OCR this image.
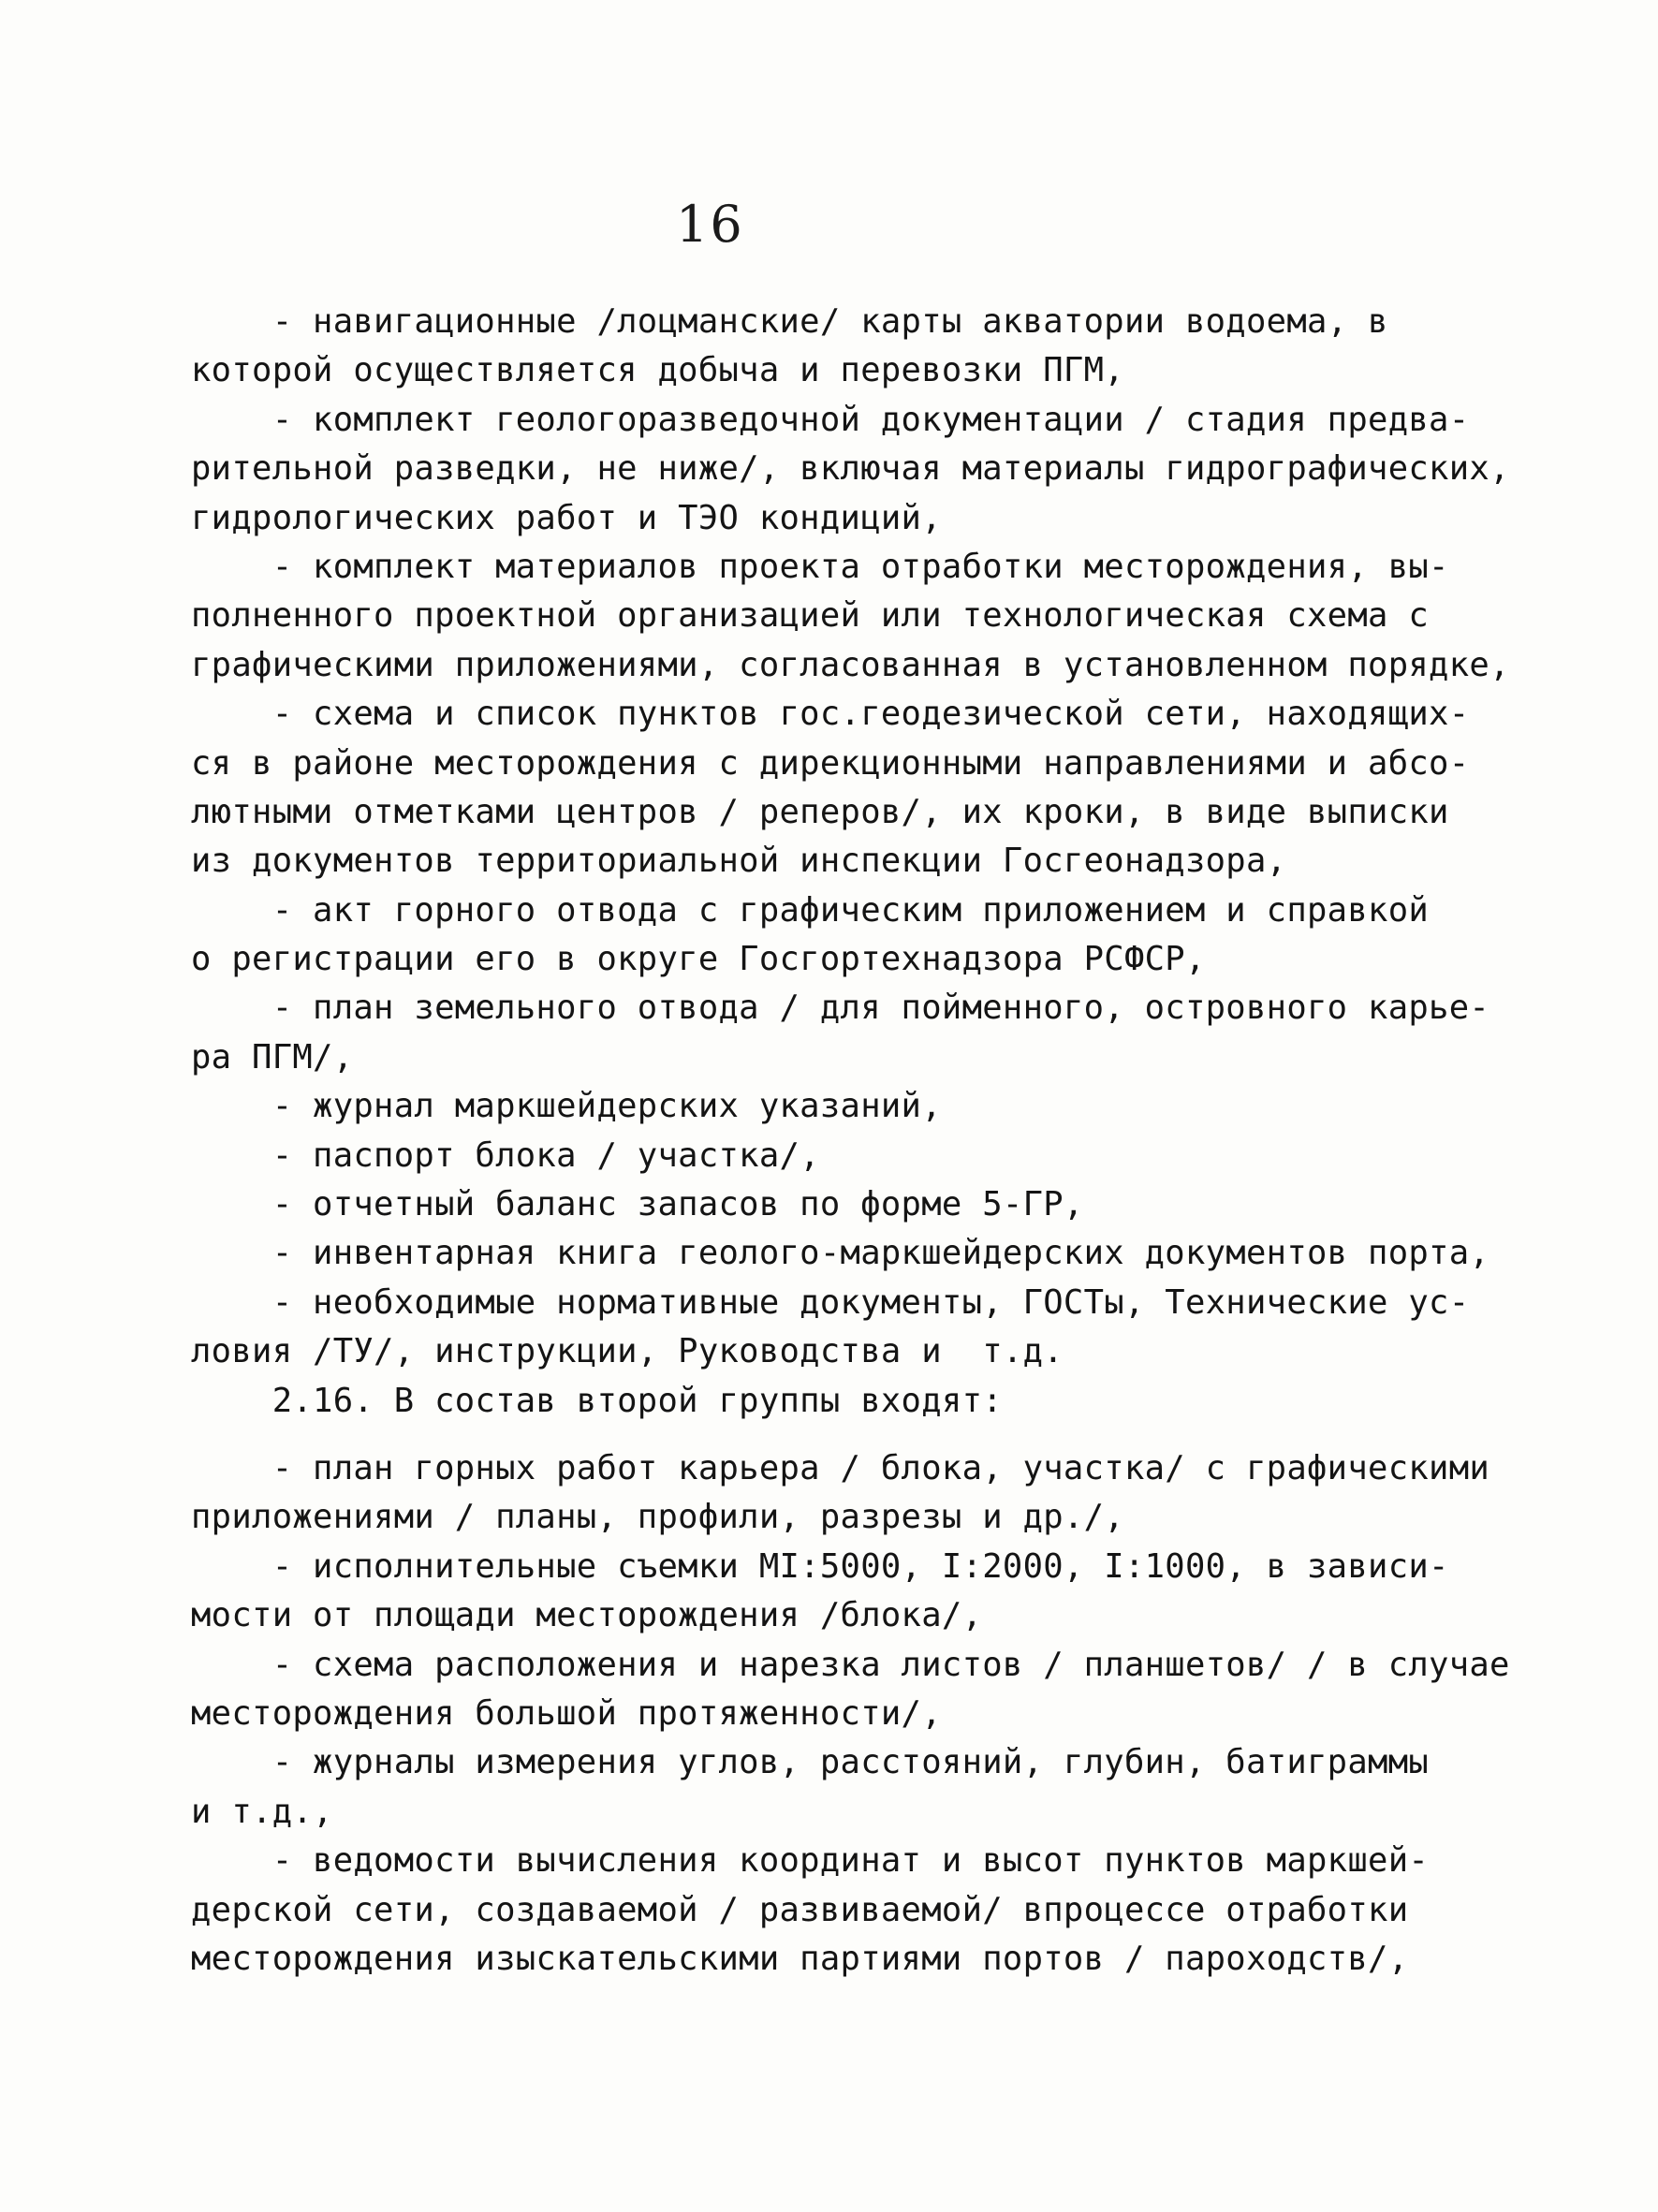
16
- навигационные /лоцманские/ карты акватории водоема, в
которой осуществляется добыча и перевозки ПГМ,
- комплект геологоразведочной документации / стадия предва-
рительной разведки, не ниже/, включая материалы гидрографических,
гидрологических работ и ТЭО кондиций,
- комплект материалов проекта отработки месторождения, вы-
полненного проектной организацией или технологическая схема с
графическими приложениями, согласованная в установленном порядке,
- схема и список пунктов гос.геодезической сети, находящих-
ся в районе месторождения с дирекционными направлениями и абсо-
лютными отметками центров / реперов/, их кроки, в виде выписки
из документов территориальной инспекции Госгеонадзора,
- акт горного отвода с графическим приложением и справкой
о регистрации его в округе Госгортехнадзора РСФСР,
- план земельного отвода / для пойменного, островного карье-
ра ПГМ/,
- журнал маркшейдерских указаний,
- паспорт блока / участка/,
- отчетный баланс запасов по форме 5-ГР,
- инвентарная книга геолого-маркшейдерских документов порта,
- необходимые нормативные документы, ГОСТы, Технические ус-
ловия /ТУ/, инструкции, Руководства и  т.д.
2.16. В состав второй группы входят:
- план горных работ карьера / блока, участка/ с графическими
приложениями / планы, профили, разрезы и др./,
- исполнительные съемки МI:5000, I:2000, I:1000, в зависи-
мости от площади месторождения /блока/,
- схема расположения и нарезка листов / планшетов/ / в случае
месторождения большой протяженности/,
- журналы измерения углов, расстояний, глубин, батиграммы
и т.д.,
- ведомости вычисления координат и высот пунктов маркшей-
дерской сети, создаваемой / развиваемой/ впроцессе отработки
месторождения изыскательскими партиями портов / пароходств/,
